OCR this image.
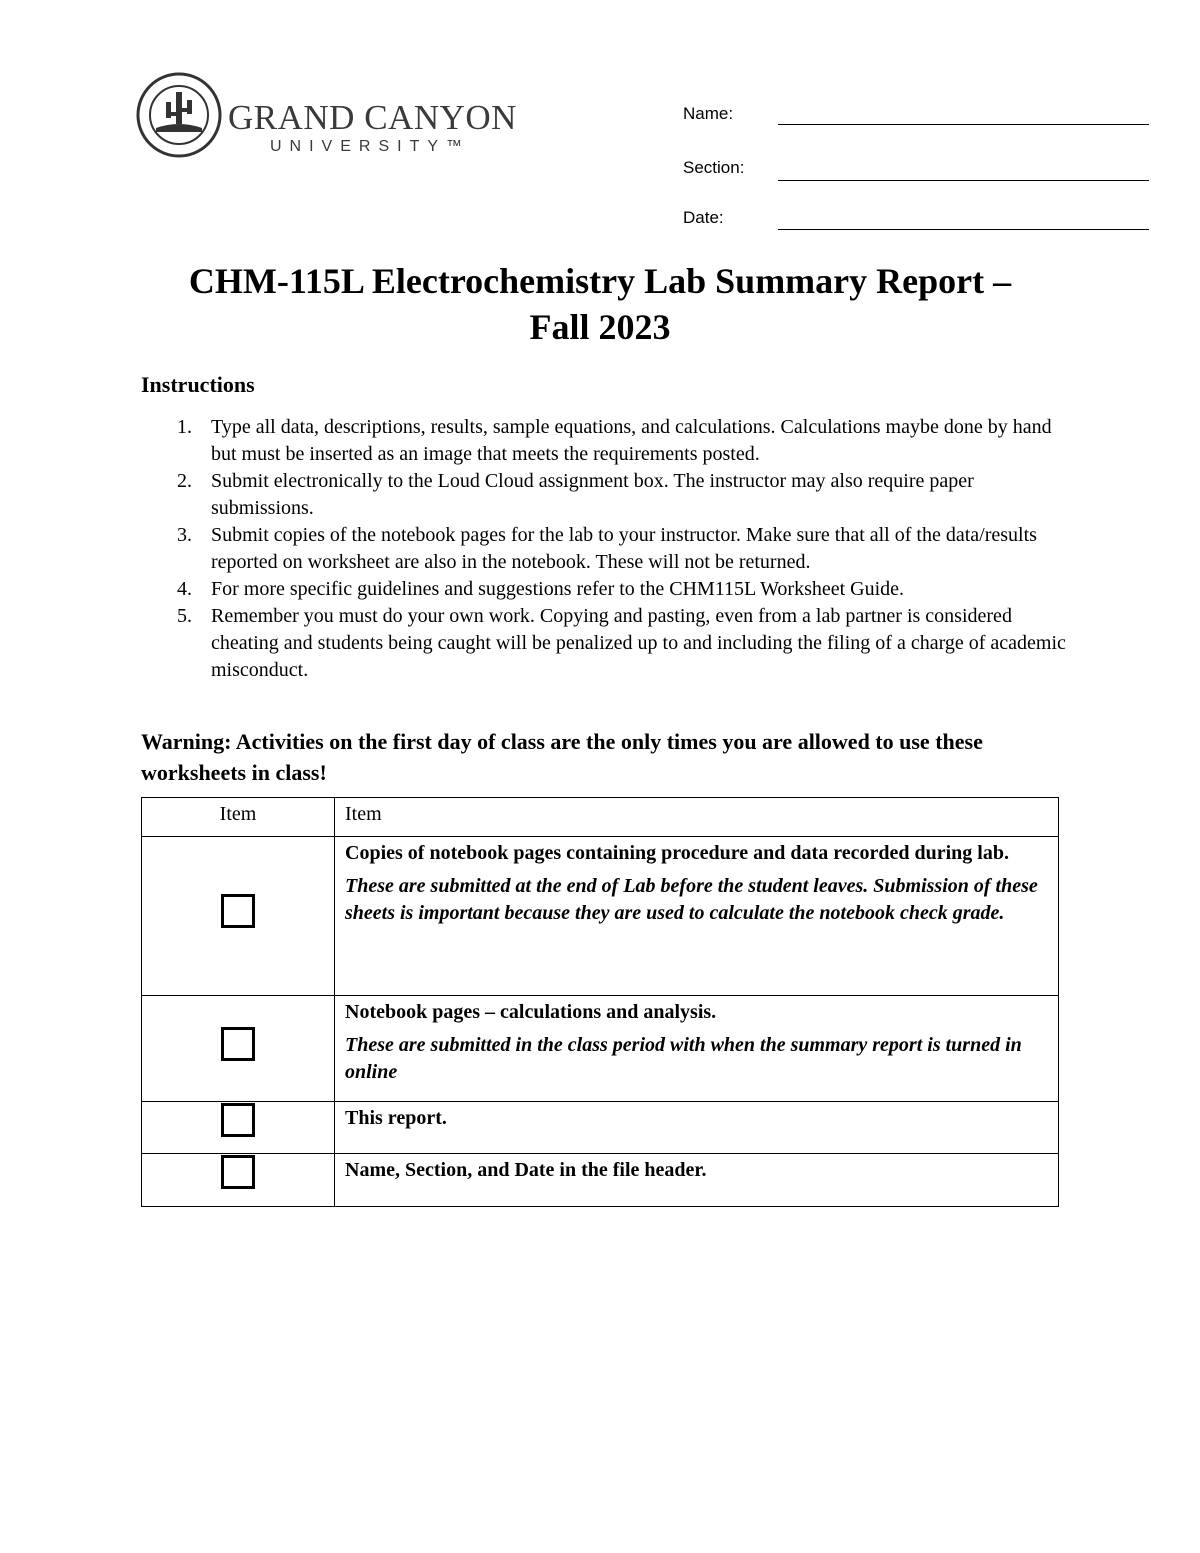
GRAND CANYON
UNIVERSITY™
Name:
Section:
Date:
CHM-115L Electrochemistry Lab Summary Report –
Fall 2023
Instructions
1. Type all data, descriptions, results, sample equations, and calculations. Calculations maybe done by hand but must be inserted as an image that meets the requirements posted.
2. Submit electronically to the Loud Cloud assignment box. The instructor may also require paper submissions.
3. Submit copies of the notebook pages for the lab to your instructor. Make sure that all of the data/results reported on worksheet are also in the notebook. These will not be returned.
4. For more specific guidelines and suggestions refer to the CHM115L Worksheet Guide.
5. Remember you must do your own work. Copying and pasting, even from a lab partner is considered cheating and students being caught will be penalized up to and including the filing of a charge of academic misconduct.
Warning: Activities on the first day of class are the only times you are allowed to use these worksheets in class!
Item	Item

	Copies of notebook pages containing procedure and data recorded during lab.

These are submitted at the end of Lab before the student leaves. Submission of these sheets is important because they are used to calculate the notebook check grade.

	Notebook pages – calculations and analysis.

These are submitted in the class period with when the summary report is turned in online

	This report.

	Name, Section, and Date in the file header.
